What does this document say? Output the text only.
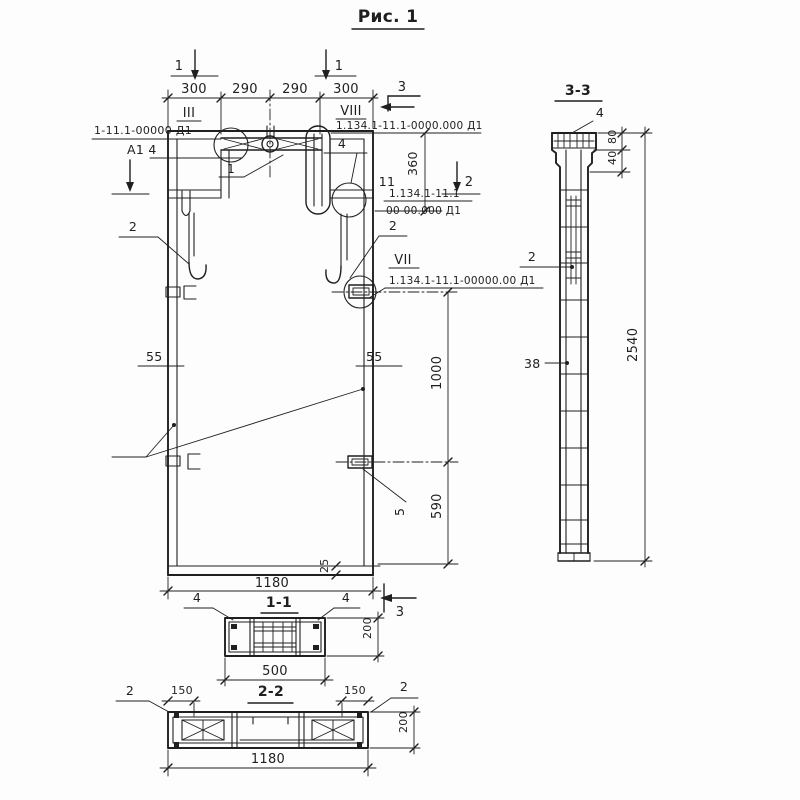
Рис. 1
55	55
1	1
3
3
2
300 290 290 300
1180
25
360
1000
590
5
III	VIII
1.134.1-11.1-0000.000 Д1
1-11.1-00000 Д1
А1 4
11
1.134.1-11.1-
00 00.000 Д1
VII
1.134.1-11.1-00000.00 Д1
1
4
2	2
3-3
4
2
38
80
40
2540
1-1
4	4
500
200
2-2
2	150	150	2
1180
200
